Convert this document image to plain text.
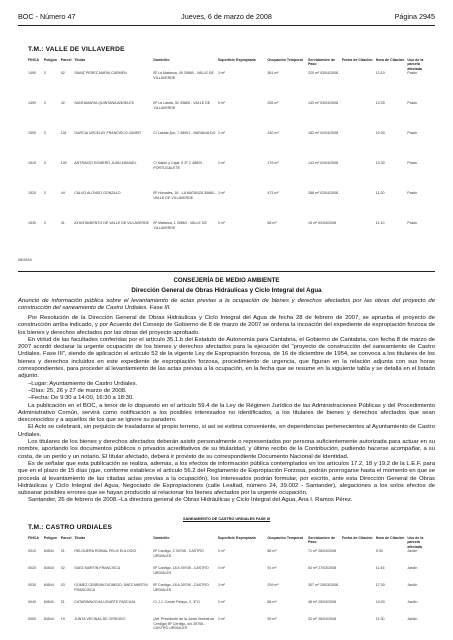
BOC - Número 47	Jueves, 6 de marzo de 2008	Página 2945
T.M.: VALLE DE VILLAVERDE
FINCA	Polígon	Parcel	Titular	Domicilio	Superficie Expropiada	Ocupación Temporal	Servidumbre de Paso	Fecha de Citación	Hora de Citación	Uso de la parcela afectada
1490	3	42	SAINZ PEREZ MARIA CARMEN	Bº La Matanza, 45 39860 - VALLE DE VILLAVERDE	0 m²	381 m²	220 m² 03/04/2008		12:10	Prado
1490	3	42	SANTAMARIA QUINTANA ANGELES	Bº La Lastra, 50 39860 - VALLE DE VILLAVERDE	5 m²	255 m²	143 m² 03/04/2008		12:25	Prado
1500	3	101	GARCIA URCELAY FRANCISCO JAVIER	C/ Lasala 4pc, 7 48001 - BARAKALDO	0 m²	240 m²	183 m² 02/04/2008		10:30	Prado
1510	3	100	ANTRAIGO ROMERO JUAN MANUEL	C/ Nalón y Cajal, 5 3º C 48820 - PORTUGALETE	0 m²	179 m²	143 m² 02/04/2008		10:30	Prado
1520	3	44	CALVO ALONSO GONZALO	Bº Hornales, 16 - LA MATANZA 39860 - VALLE DE VILLAVERDE	0 m²	473 m²	288 m² 02/04/2008		11:20	Prado
1530	3	41	AYUNTAMIENTO DE VALLE DE VILLAVERDE	Bº Matanza, 1 39860 - VALLE DE VILLAVERDE	0 m²	68 m²	15 m² 02/04/2008		11:10	Prado
08/2816
CONSEJERÍA DE MEDIO AMBIENTE
Dirección General de Obras Hidráulicas y Ciclo Integral del Agua
Anuncio de información pública sobre el levantamiento de actas previas a la ocupación de bienes y derechos afectados por las obras del proyecto de construcción del saneamiento de Castro Urdiales. Fase III.

Por Resolución de la Dirección General de Obras Hidráulicas y Ciclo Integral del Agua de fecha 28 de febrero de 2007, se aprueba el proyecto de construcción arriba indicado, y por Acuerdo del Consejo de Gobierno de 8 de marzo de 2007 se ordena la incoación del expediente de expropiación forzosa de los bienes y derechos afectados por las obras del proyecto aprobado.

En virtud de las facultades conferidas por el artículo 35.1.b del Estatuto de Autonomía para Cantabria, el Gobierno de Cantabria, con fecha 8 de marzo de 2007 acordó declarar la urgente ocupación de los bienes y derechos afectados para la ejecución del "proyecto de construcción del saneamiento de Castro Urdiales. Fase III", siendo de aplicación el artículo 52 de la vigente Ley de Expropiación forzosa, de 16 de diciembre de 1954, se convoca a los titulares de los bienes y derechos incluidos en este expediente de expropiación forzosa, procedimiento de urgencia, que figuran en la relación adjunta con sus horas correspondientes, para proceder al levantamiento de las actas previas a la ocupación, en la fecha que se resume en la siguiente tabla y se detalla en el listado adjunto.

–Lugar: Ayuntamiento de Castro Urdiales.

–Días: 25, 26 y 27 de marzo de 2008.

–Fecha: De 9:30 a 14:00, 16:30 a 18:30.

La publicación en el BOC, a tenor de lo dispuesto en el artículo 59.4 de la Ley de Régimen Jurídico de las Administraciones Públicas y del Procedimiento Administrativo Común, servirá como notificación a los posibles interesados no identificados, a los titulares de bienes y derechos afectados que sean desconocidos y a aquellos de los que se ignore su paradero.

El Acto se celebrará, sin perjuicio de trasladarse al propio terreno, si así se estima conveniente, en dependencias pertenecientes al Ayuntamiento de Castro Urdiales.

Los titulares de los bienes y derechos afectados deberán asistir personalmente o representados por persona suficientemente autorizada para actuar en su nombre, aportando los documentos públicos o privados acreditativos de su titularidad, y último recibo de la Contribución, pudiendo hacerse acompañar, a su costa, de un perito y un notario. El titular afectado, deberá ir provisto de su correspondiente Documento Nacional de Identidad.

Es de señalar que esta publicación se realiza, además, a los efectos de información pública contemplados en los artículos 17.2, 18 y 19.2 de la L.E.F. para que en el plazo de 15 días (que, conforme establece el artículo 56.2 del Reglamento de Expropiación Forzosa, podrán prorrogarse hasta el momento en que se proceda al levantamiento de las citadas actas previas a la ocupación), los interesados podrán formular, por escrito, ante esta Dirección General de Obras Hidráulicas y Ciclo Integral del Agua, Negociado de Expropiaciones (calle Lealtad, número 24, 39.002 - Santander), alegaciones a los solos efectos de subsanar posibles errores que se hayan producido al relacionar los bienes afectados por la urgente ocupación.

Santander, 26 de febrero de 2008.–La directora general de Obras Hidráulicas y Ciclo Integral del Agua, Ana I. Ramos Pérez.

SANEAMIENTO DE CASTRO URDIALES FASE III
T.M.: CASTRO URDIALES
FINCA	Polígon	Parcel	Titular	Domicilio	Superficie Expropiada	Ocupación Temporal	Servidumbre de Paso	Fecha de Citación	Hora de Citación	Uso de la parcela afectada
0010	84544	01	HELGUERA ROBIAL FELIX EULOGIO	Bº Cardigo, 2 39708 - CASTRO URDIALES	0 m²	86 m²	71 m² 26/03/2008		9:30	Jardín
0020	84544	02	SAEZ MARTIN FRANCISCA	Bº Cardigo, 18 A 39708 - CASTRO URDIALES	0 m²	91 m²	54 m² 27/03/2008		11:45	Jardín
0030	84544	03	GOMEZ CEBRIAN DIONISIO; SAEZ MARTIN FRANCISCA	Bº Cardigo, 18 A 39708 - CASTRO URDIALES	0 m²	209 m²	307 m² 25/03/2008		17:30	Jardín
0040	84544	21	CATARINNOCHA UGARTE PASCUAL	C/ J.J. Conde Pelayo, 2, 3º D	0 m²	88 m²	48 m² 25/03/2008		10:00	Jardín
0050	84544	19	JUNTA VECINAL DE CERDIGO	(Att. Presidente de la Junta Vecinal de Cerdigo) Bº Cerdigo, s/n 39708 - CASTRO URDIALES	0 m²	59 m²	32 m² 26/03/2008		11:30	Jardín
